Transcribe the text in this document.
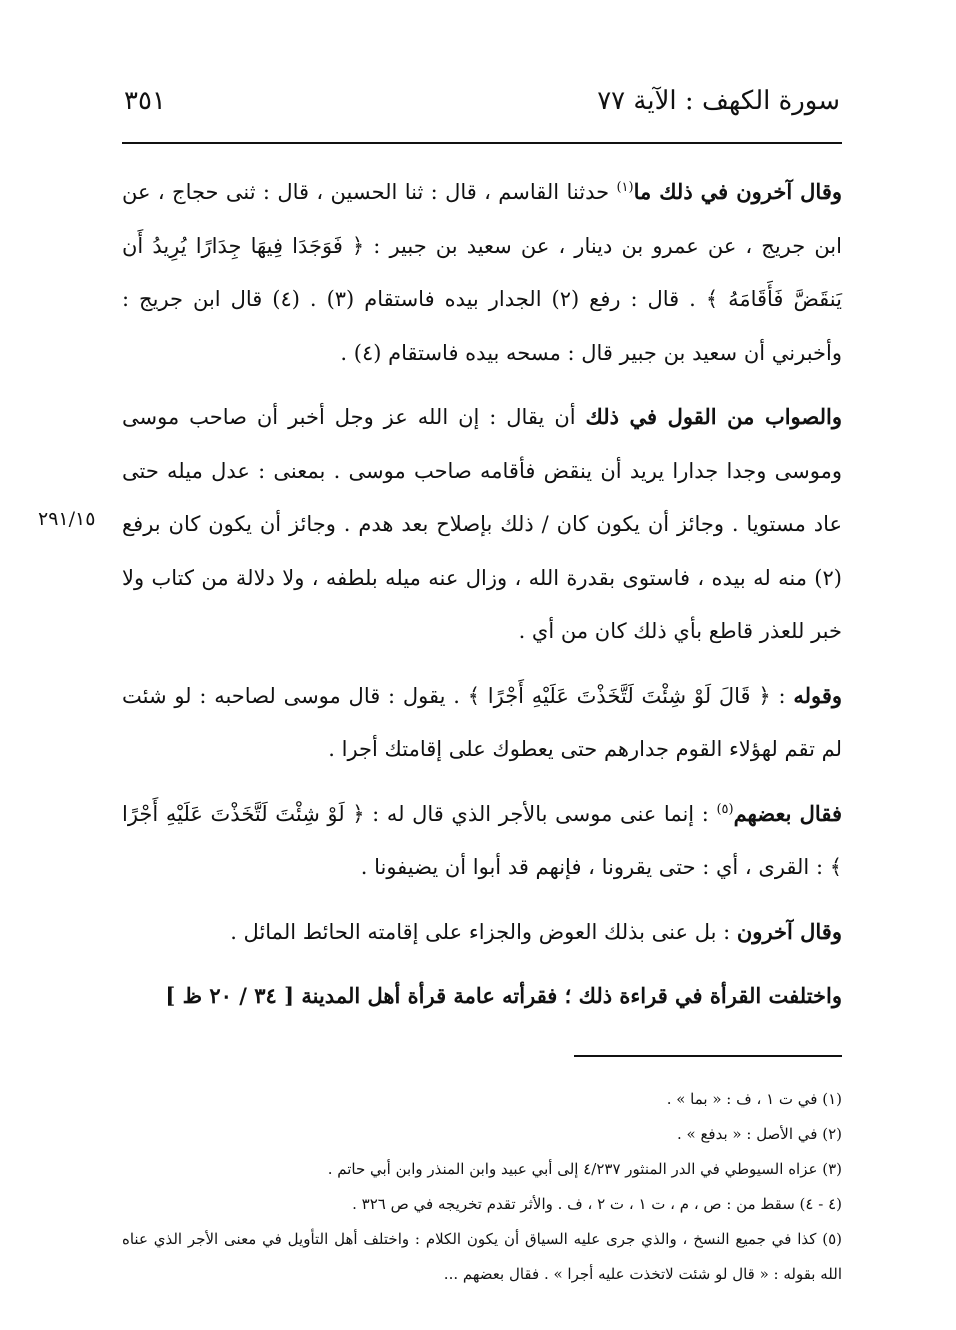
سورة الكهف : الآية ٧٧
٣٥١
٢٩١/١٥

وقال آخرون في ذلك ما$^{(١)}$ حدثنا القاسم ، قال : ثنا الحسين ، قال : ثنى حجاج ، عن ابن جريج ، عن عمرو بن دينار ، عن سعيد بن جبير : ﴿ فَوَجَدَا فِيهَا جِدَارًا يُرِيدُ أَن يَنقَضَّ فَأَقَامَهُ ﴾ . قال : رفع (٢) الجدار بيده فاستقام (٣) . (٤) قال ابن جريج : وأخبرني أن سعيد بن جبير قال : مسحه بيده فاستقام (٤) .

والصواب من القول في ذلك أن يقال : إن الله عز وجل أخبر أن صاحب موسى وموسى وجدا جدارا يريد أن ينقض فأقامه صاحب موسى . بمعنى : عدل ميله حتى عاد مستويا . وجائز أن يكون كان / ذلك بإصلاح بعد هدم . وجائز أن يكون كان برفع (٢) منه له بيده ، فاستوى بقدرة الله ، وزال عنه ميله بلطفه ، ولا دلالة من كتاب ولا خبر للعذر قاطع بأي ذلك كان من أي .

وقوله : ﴿ قَالَ لَوْ شِئْتَ لَتَّخَذْتَ عَلَيْهِ أَجْرًا ﴾ . يقول : قال موسى لصاحبه : لو شئت لم تقم لهؤلاء القوم جدارهم حتى يعطوك على إقامتك أجرا .

فقال بعضهم$^{(٥)}$ : إنما عنى موسى بالأجر الذي قال له : ﴿ لَوْ شِئْتَ لَتَّخَذْتَ عَلَيْهِ أَجْرًا ﴾ : القرى ، أي : حتى يقرونا ، فإنهم قد أبوا أن يضيفونا .

وقال آخرون : بل عنى بذلك العوض والجزاء على إقامته الحائط المائل .

واختلفت القرأة في قراءة ذلك ؛ فقرأته عامة قرأة أهل المدينة [ ٣٤ / ٢٠ ظ ]

(١) في ت ١ ، ف : « بما » .

(٢) في الأصل : « بدفع » .

(٣) عزاه السيوطي في الدر المنثور ٤/٢٣٧ إلى أبي عبيد وابن المنذر وابن أبي حاتم .

(٤ - ٤) سقط من : ص ، م ، ت ١ ، ت ٢ ، ف . والأثر تقدم تخريجه في ص ٣٢٦ .

(٥) كذا في جميع النسخ ، والذي جرى عليه السياق أن يكون الكلام : واختلف أهل التأويل في معنى الأجر الذي عناه الله بقوله : « قال لو شئت لاتخذت عليه أجرا » . فقال بعضهم ...
